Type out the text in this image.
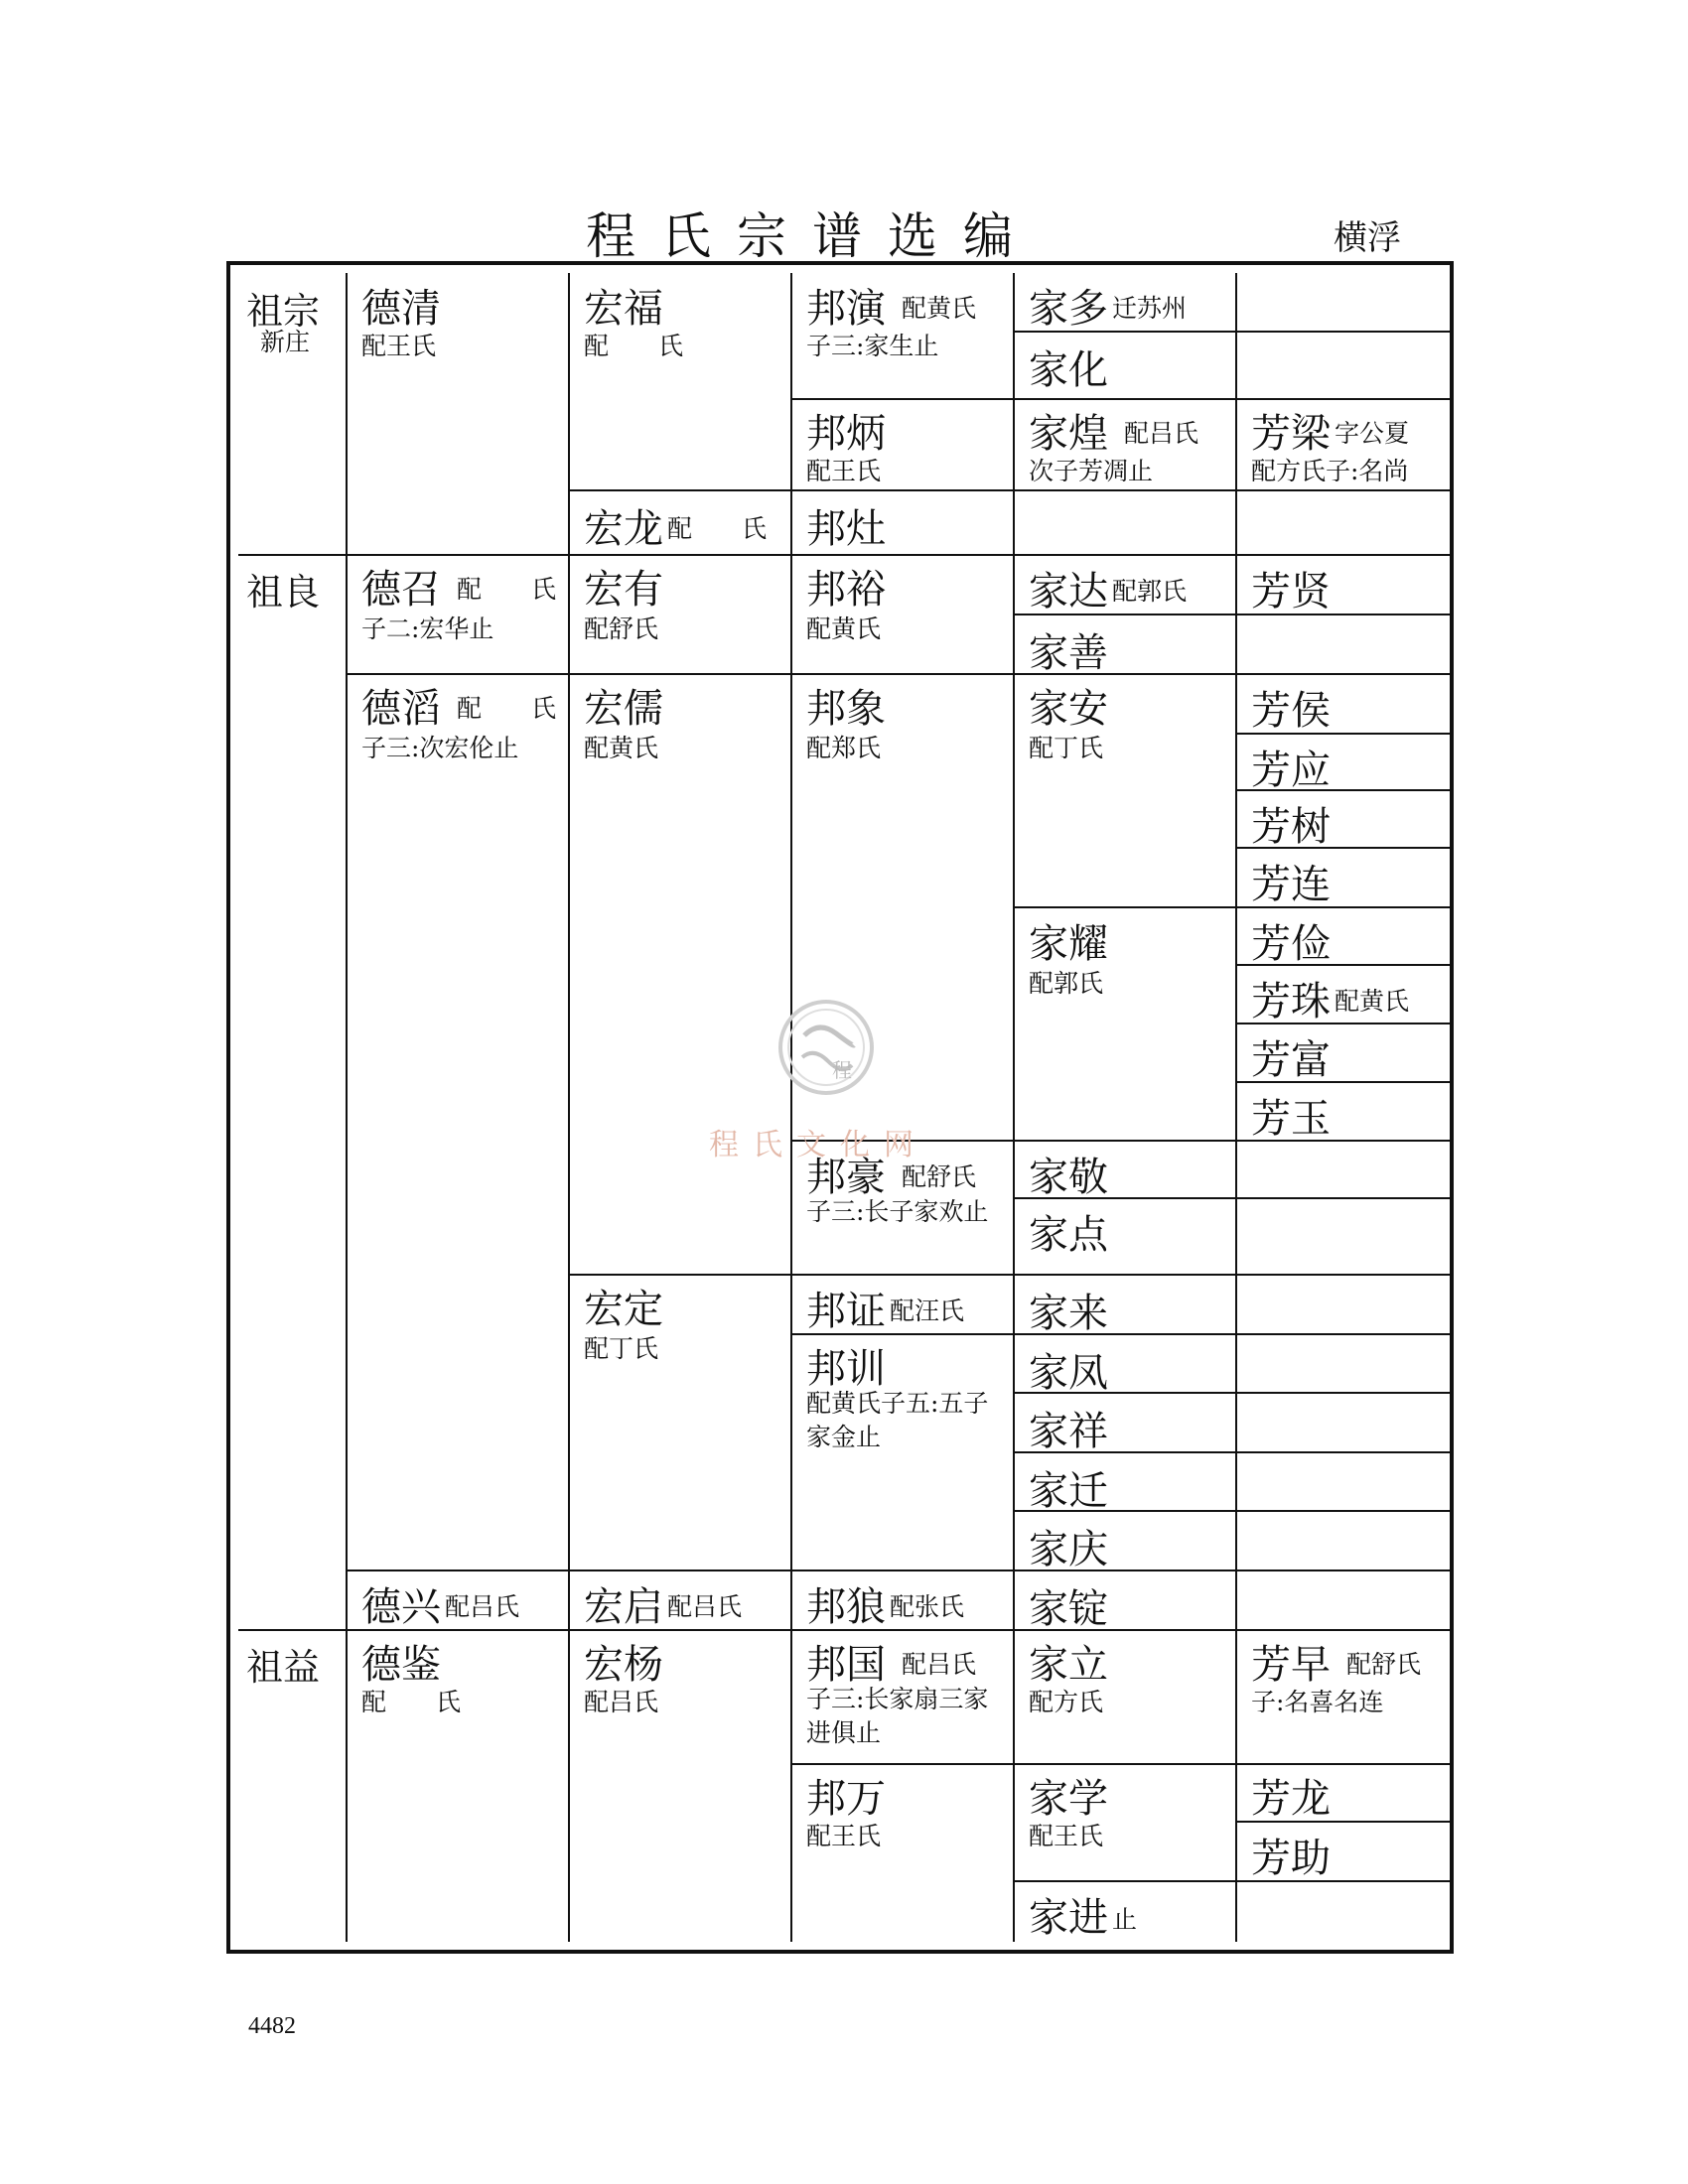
程氏宗谱选编	横浮
祖宗
新庄
祖良
祖益
德清
配王氏
德召 配　　氏
子二:宏华止
德滔 配　　氏
子三:次宏伦止
德兴 配吕氏
德鉴
配　　氏
宏福
配　　氏
宏龙 配　　氏
宏有
配舒氏
宏儒
配黄氏
宏定
配丁氏
宏启 配吕氏
宏杨
配吕氏
邦演 配黄氏
子三:家生止
邦炳
配王氏
邦灶
邦裕
配黄氏
邦象
配郑氏
邦豪 配舒氏
子三:长子家欢止
邦证 配汪氏
邦训
配黄氏子五:五子家金止
邦狼 配张氏
邦国 配吕氏
子三:长家扇三家进俱止
邦万
配王氏
家多 迁苏州
家化
家煌 配吕氏
次子芳凋止
家达 配郭氏
家善
家安
配丁氏
家耀
配郭氏
家敬
家点
家来
家凤
家祥
家迁
家庆
家锭
家立
配方氏
家学
配王氏
家进 止
芳梁 字公夏
配方氏子:名尚
芳贤
芳侯
芳应
芳树
芳连
芳俭
芳珠 配黄氏
芳富
芳玉
芳早 配舒氏
子:名喜名连
芳龙
芳助
程
程氏文化网
4482
